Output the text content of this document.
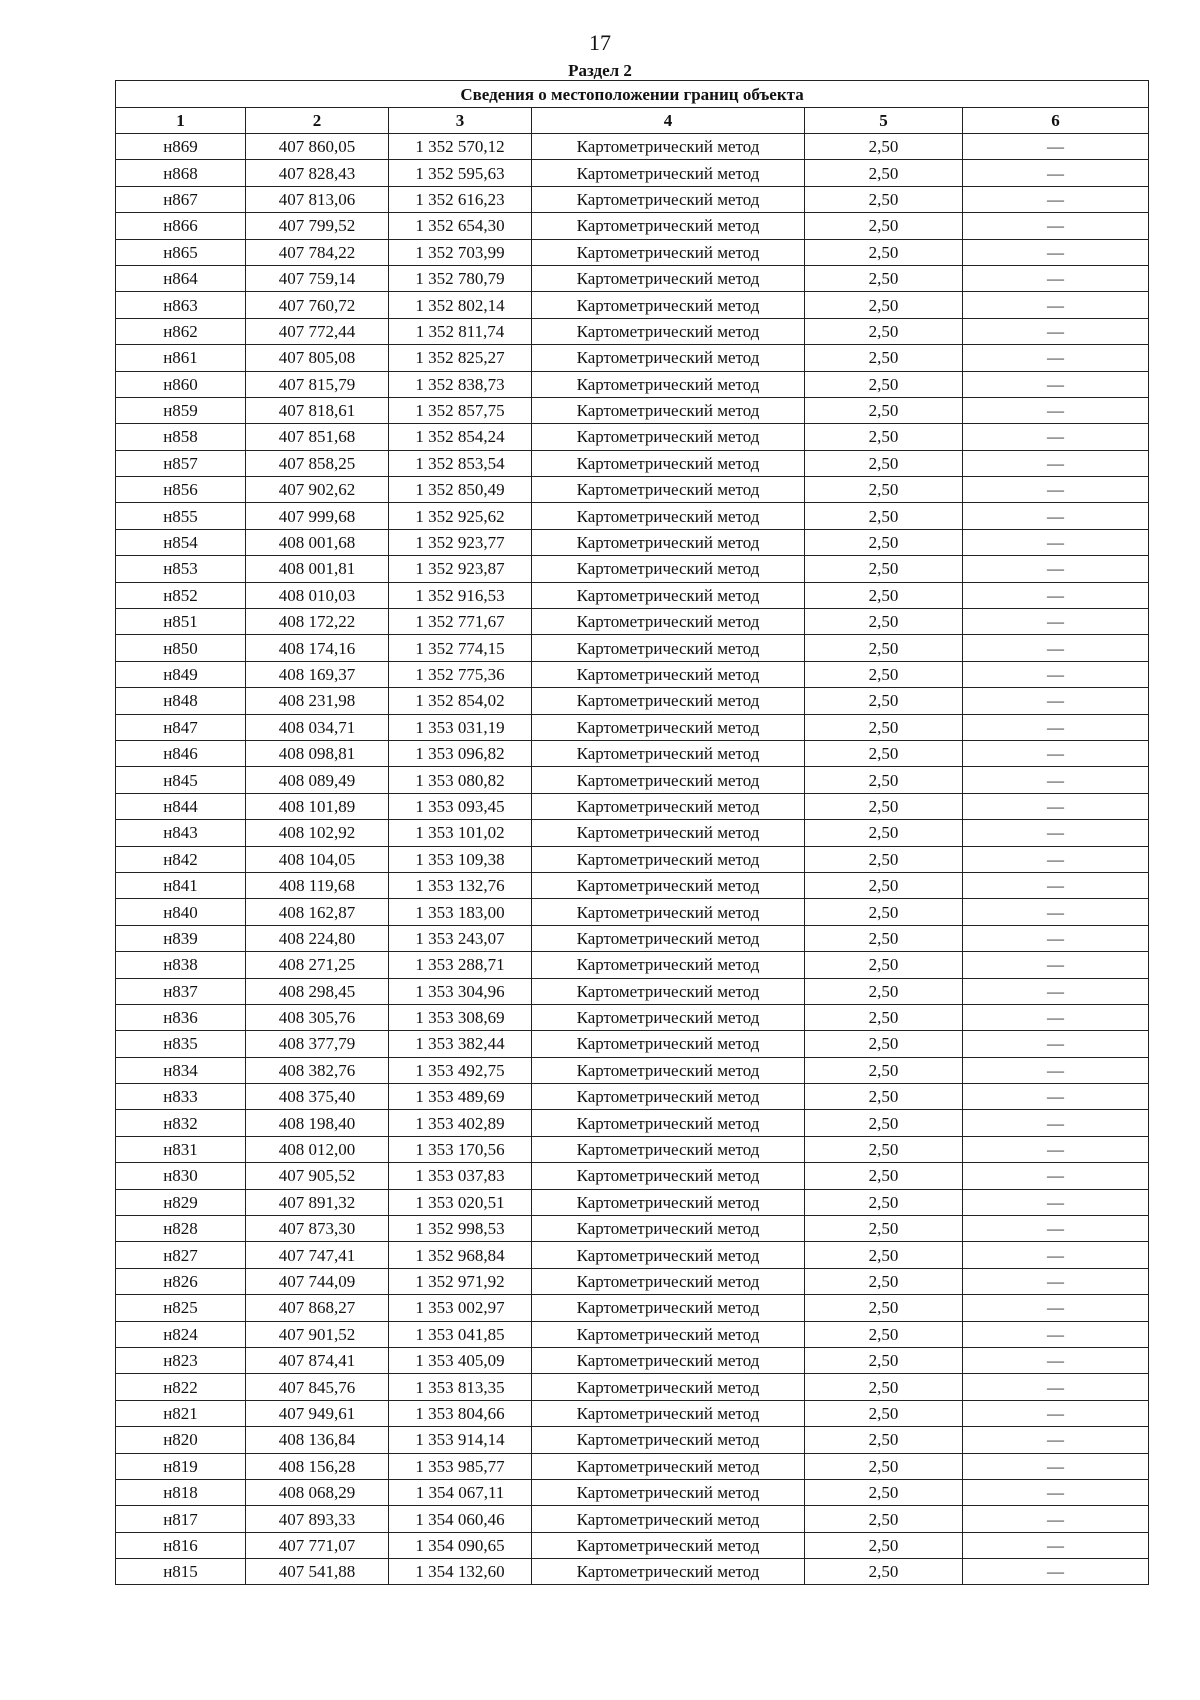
17
Раздел 2
Сведения о местоположении границ объекта					
1	2	3	4	5	6
н869	407 860,05	1 352 570,12	Картометрический метод	2,50	—
н868	407 828,43	1 352 595,63	Картометрический метод	2,50	—
н867	407 813,06	1 352 616,23	Картометрический метод	2,50	—
н866	407 799,52	1 352 654,30	Картометрический метод	2,50	—
н865	407 784,22	1 352 703,99	Картометрический метод	2,50	—
н864	407 759,14	1 352 780,79	Картометрический метод	2,50	—
н863	407 760,72	1 352 802,14	Картометрический метод	2,50	—
н862	407 772,44	1 352 811,74	Картометрический метод	2,50	—
н861	407 805,08	1 352 825,27	Картометрический метод	2,50	—
н860	407 815,79	1 352 838,73	Картометрический метод	2,50	—
н859	407 818,61	1 352 857,75	Картометрический метод	2,50	—
н858	407 851,68	1 352 854,24	Картометрический метод	2,50	—
н857	407 858,25	1 352 853,54	Картометрический метод	2,50	—
н856	407 902,62	1 352 850,49	Картометрический метод	2,50	—
н855	407 999,68	1 352 925,62	Картометрический метод	2,50	—
н854	408 001,68	1 352 923,77	Картометрический метод	2,50	—
н853	408 001,81	1 352 923,87	Картометрический метод	2,50	—
н852	408 010,03	1 352 916,53	Картометрический метод	2,50	—
н851	408 172,22	1 352 771,67	Картометрический метод	2,50	—
н850	408 174,16	1 352 774,15	Картометрический метод	2,50	—
н849	408 169,37	1 352 775,36	Картометрический метод	2,50	—
н848	408 231,98	1 352 854,02	Картометрический метод	2,50	—
н847	408 034,71	1 353 031,19	Картометрический метод	2,50	—
н846	408 098,81	1 353 096,82	Картометрический метод	2,50	—
н845	408 089,49	1 353 080,82	Картометрический метод	2,50	—
н844	408 101,89	1 353 093,45	Картометрический метод	2,50	—
н843	408 102,92	1 353 101,02	Картометрический метод	2,50	—
н842	408 104,05	1 353 109,38	Картометрический метод	2,50	—
н841	408 119,68	1 353 132,76	Картометрический метод	2,50	—
н840	408 162,87	1 353 183,00	Картометрический метод	2,50	—
н839	408 224,80	1 353 243,07	Картометрический метод	2,50	—
н838	408 271,25	1 353 288,71	Картометрический метод	2,50	—
н837	408 298,45	1 353 304,96	Картометрический метод	2,50	—
н836	408 305,76	1 353 308,69	Картометрический метод	2,50	—
н835	408 377,79	1 353 382,44	Картометрический метод	2,50	—
н834	408 382,76	1 353 492,75	Картометрический метод	2,50	—
н833	408 375,40	1 353 489,69	Картометрический метод	2,50	—
н832	408 198,40	1 353 402,89	Картометрический метод	2,50	—
н831	408 012,00	1 353 170,56	Картометрический метод	2,50	—
н830	407 905,52	1 353 037,83	Картометрический метод	2,50	—
н829	407 891,32	1 353 020,51	Картометрический метод	2,50	—
н828	407 873,30	1 352 998,53	Картометрический метод	2,50	—
н827	407 747,41	1 352 968,84	Картометрический метод	2,50	—
н826	407 744,09	1 352 971,92	Картометрический метод	2,50	—
н825	407 868,27	1 353 002,97	Картометрический метод	2,50	—
н824	407 901,52	1 353 041,85	Картометрический метод	2,50	—
н823	407 874,41	1 353 405,09	Картометрический метод	2,50	—
н822	407 845,76	1 353 813,35	Картометрический метод	2,50	—
н821	407 949,61	1 353 804,66	Картометрический метод	2,50	—
н820	408 136,84	1 353 914,14	Картометрический метод	2,50	—
н819	408 156,28	1 353 985,77	Картометрический метод	2,50	—
н818	408 068,29	1 354 067,11	Картометрический метод	2,50	—
н817	407 893,33	1 354 060,46	Картометрический метод	2,50	—
н816	407 771,07	1 354 090,65	Картометрический метод	2,50	—
н815	407 541,88	1 354 132,60	Картометрический метод	2,50	—
